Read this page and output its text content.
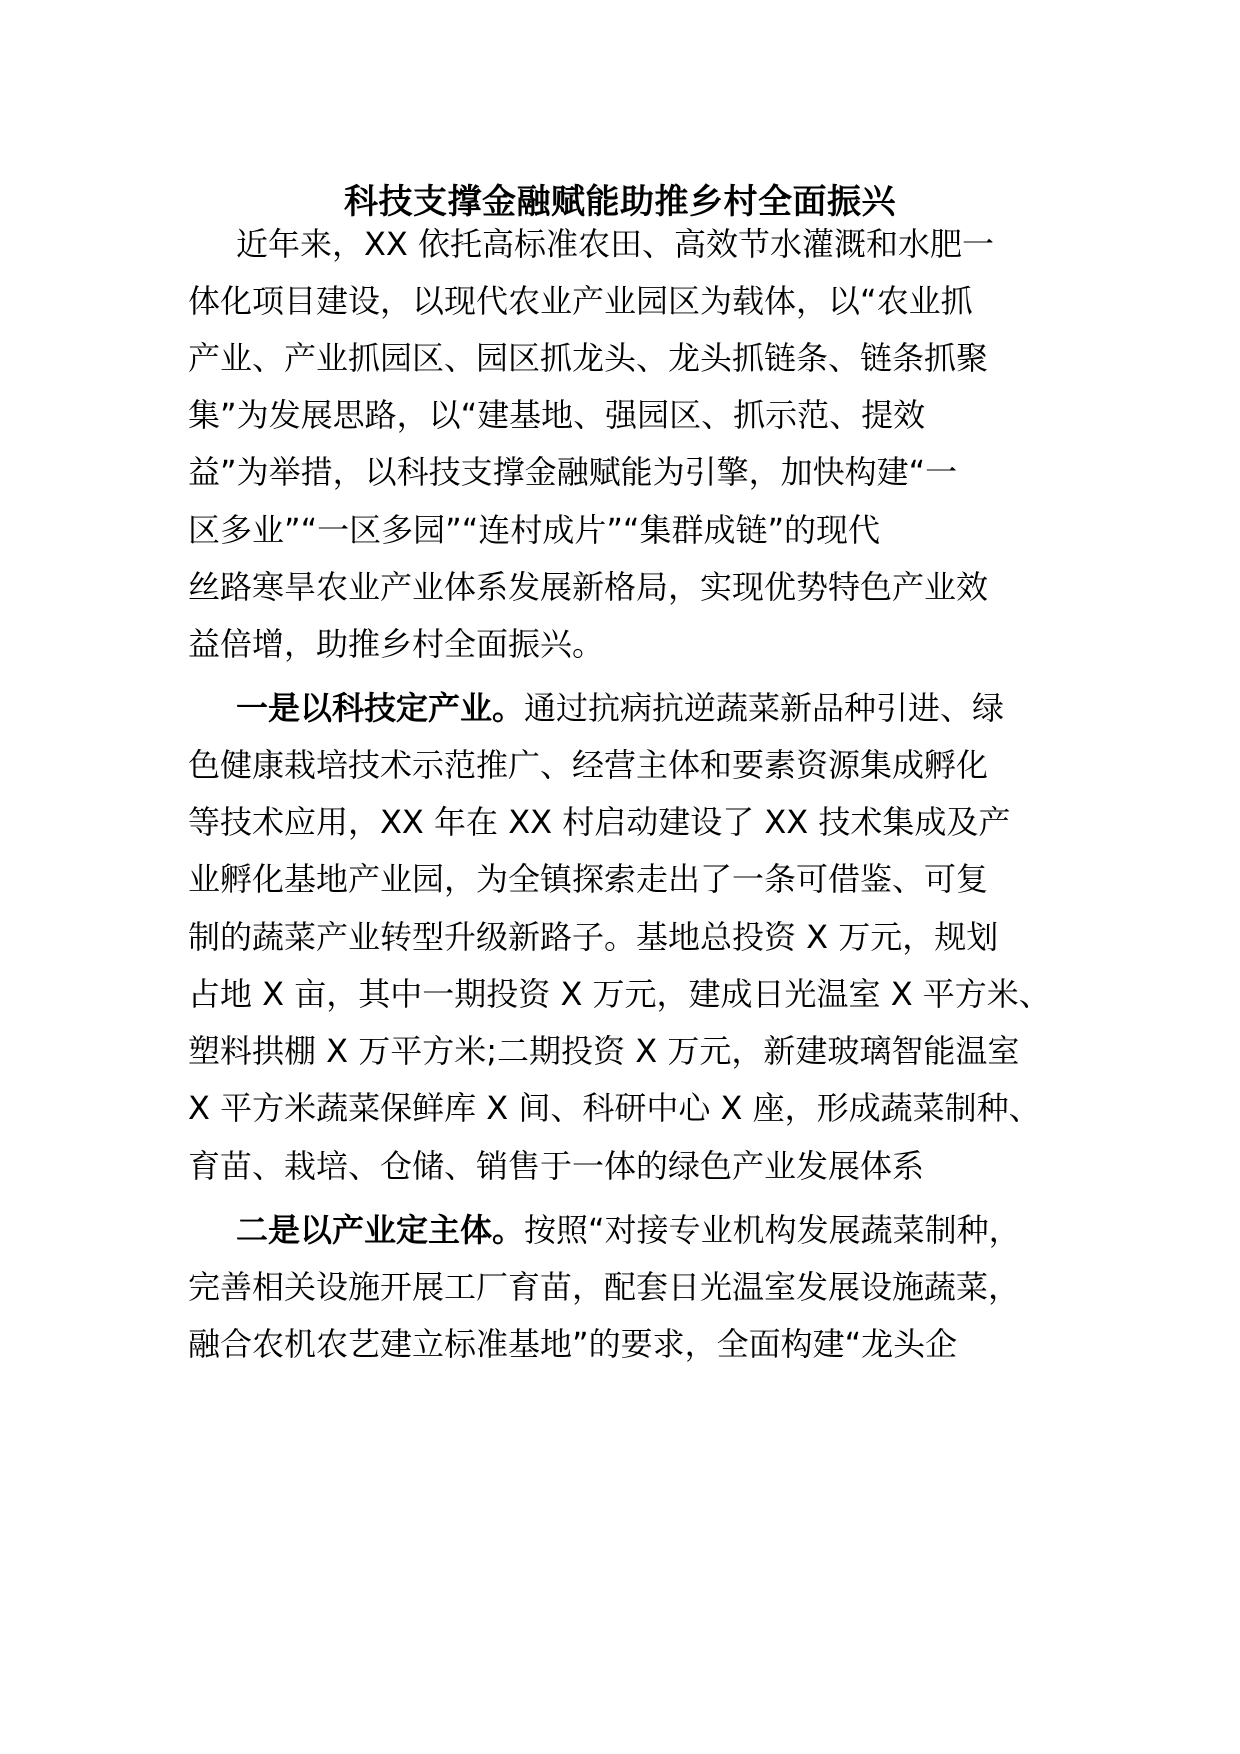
科技支撑金融赋能助推乡村全面振兴
近年来，XX 依托高标准农田、高效节水灌溉和水肥一
体化项目建设，以现代农业产业园区为载体，以“农业抓
产业、产业抓园区、园区抓龙头、龙头抓链条、链条抓聚
集”为发展思路，以“建基地、强园区、抓示范、提效
益”为举措，以科技支撑金融赋能为引擎，加快构建“一
区多业”“一区多园”“连村成片”“集群成链”的现代
丝路寒旱农业产业体系发展新格局，实现优势特色产业效
益倍增，助推乡村全面振兴。
一是以科技定产业。通过抗病抗逆蔬菜新品种引进、绿
色健康栽培技术示范推广、经营主体和要素资源集成孵化
等技术应用，XX 年在 XX 村启动建设了 XX 技术集成及产
业孵化基地产业园，为全镇探索走出了一条可借鉴、可复
制的蔬菜产业转型升级新路子。基地总投资 X 万元，规划
占地 X 亩，其中一期投资 X 万元，建成日光温室 X 平方米、
塑料拱棚 X 万平方米;二期投资 X 万元，新建玻璃智能温室
X 平方米蔬菜保鲜库 X 间、科研中心 X 座，形成蔬菜制种、
育苗、栽培、仓储、销售于一体的绿色产业发展体系
二是以产业定主体。按照“对接专业机构发展蔬菜制种，
完善相关设施开展工厂育苗，配套日光温室发展设施蔬菜，
融合农机农艺建立标准基地”的要求，全面构建“龙头企
